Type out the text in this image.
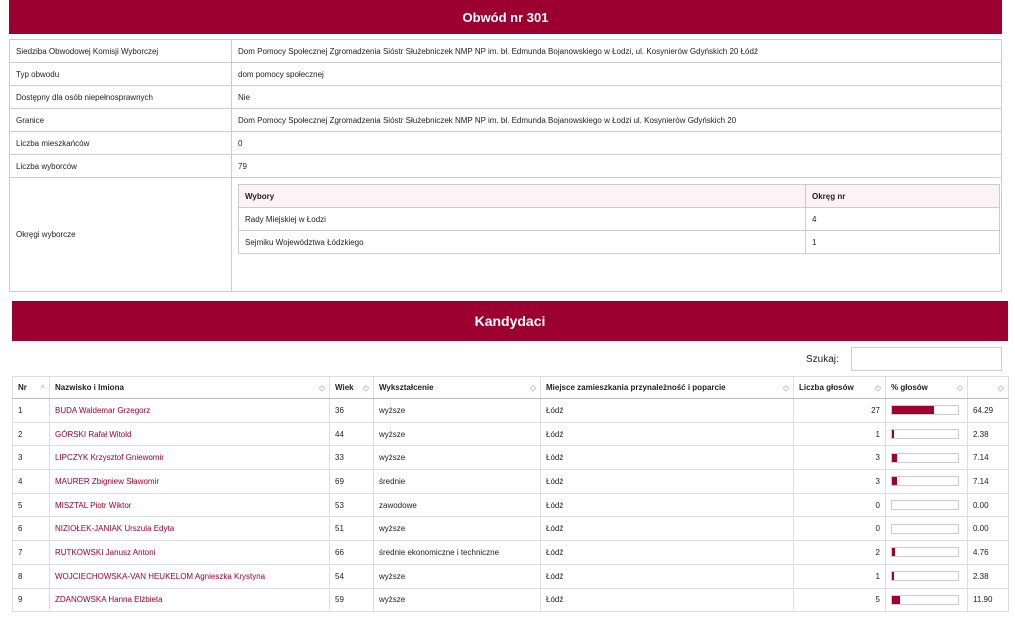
Obwód nr 301
Siedziba Obwodowej Komisji Wyborczej	Dom Pomocy Społecznej Zgromadzenia Sióstr Służebniczek NMP NP im. bł. Edmunda Bojanowskiego w Łodzi, ul. Kosynierów Gdyńskich 20 Łódź
Typ obwodu	dom pomocy społecznej
Dostępny dla osób niepełnosprawnych	Nie
Granice	Dom Pomocy Społecznej Zgromadzenia Sióstr Służebniczek NMP NP im. bł. Edmunda Bojanowskiego w Łodzi ul. Kosynierów Gdyńskich 20
Liczba mieszkańców	0
Liczba wyborców	79
Okręgi wyborcze	
Wybory	Okręg nr
Rady Miejskiej w Łodzi	4
Sejmiku Województwa Łódzkiego	1
Kandydaci
Szukaj:
Nr ^	Nazwisko i Imiona ◇	Wiek ◇	Wykształcenie ◇	Miejsce zamieszkania przynależność i poparcie ◇	Liczba głosów ◇	% głosów ◇	◇

1	BUDA Waldemar Grzegorz	36	wyższe	Łódź	27		64.29
2	GÓRSKI Rafał Witold	44	wyższe	Łódź	1		2.38
3	LIPCZYK Krzysztof Gniewomir	33	wyższe	Łódź	3		7.14
4	MAURER Zbigniew Sławomir	69	średnie	Łódź	3		7.14
5	MISZTAL Piotr Wiktor	53	zawodowe	Łódź	0		0.00
6	NIZIOŁEK-JANIAK Urszula Edyta	51	wyższe	Łódź	0		0.00
7	RUTKOWSKI Janusz Antoni	66	średnie ekonomiczne i techniczne	Łódź	2		4.76
8	WOJCIECHOWSKA-VAN HEUKELOM Agnieszka Krystyna	54	wyższe	Łódź	1		2.38
9	ZDANOWSKA Hanna Elżbieta	59	wyższe	Łódź	5		11.90
